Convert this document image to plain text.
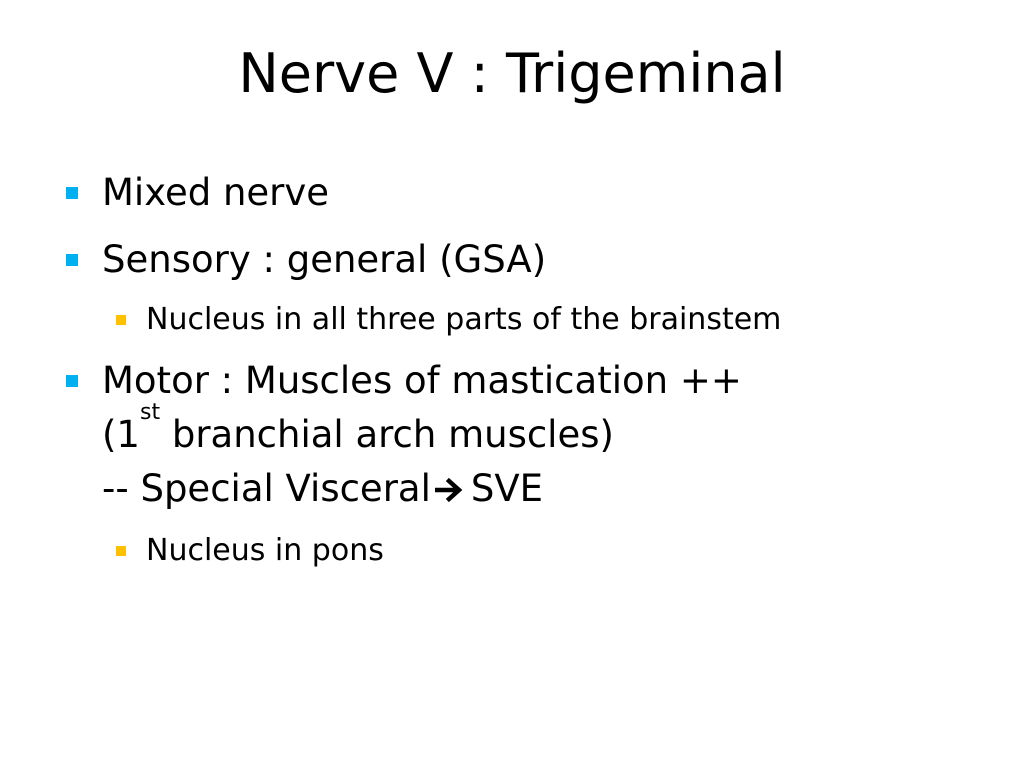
Nerve V : Trigeminal
Mixed nerve
Sensory : general (GSA)
Nucleus in all three parts of the brainstem
Motor : Muscles of mastication ++
(1st branchial arch muscles)
-- Special Visceral SVE
Nucleus in pons
